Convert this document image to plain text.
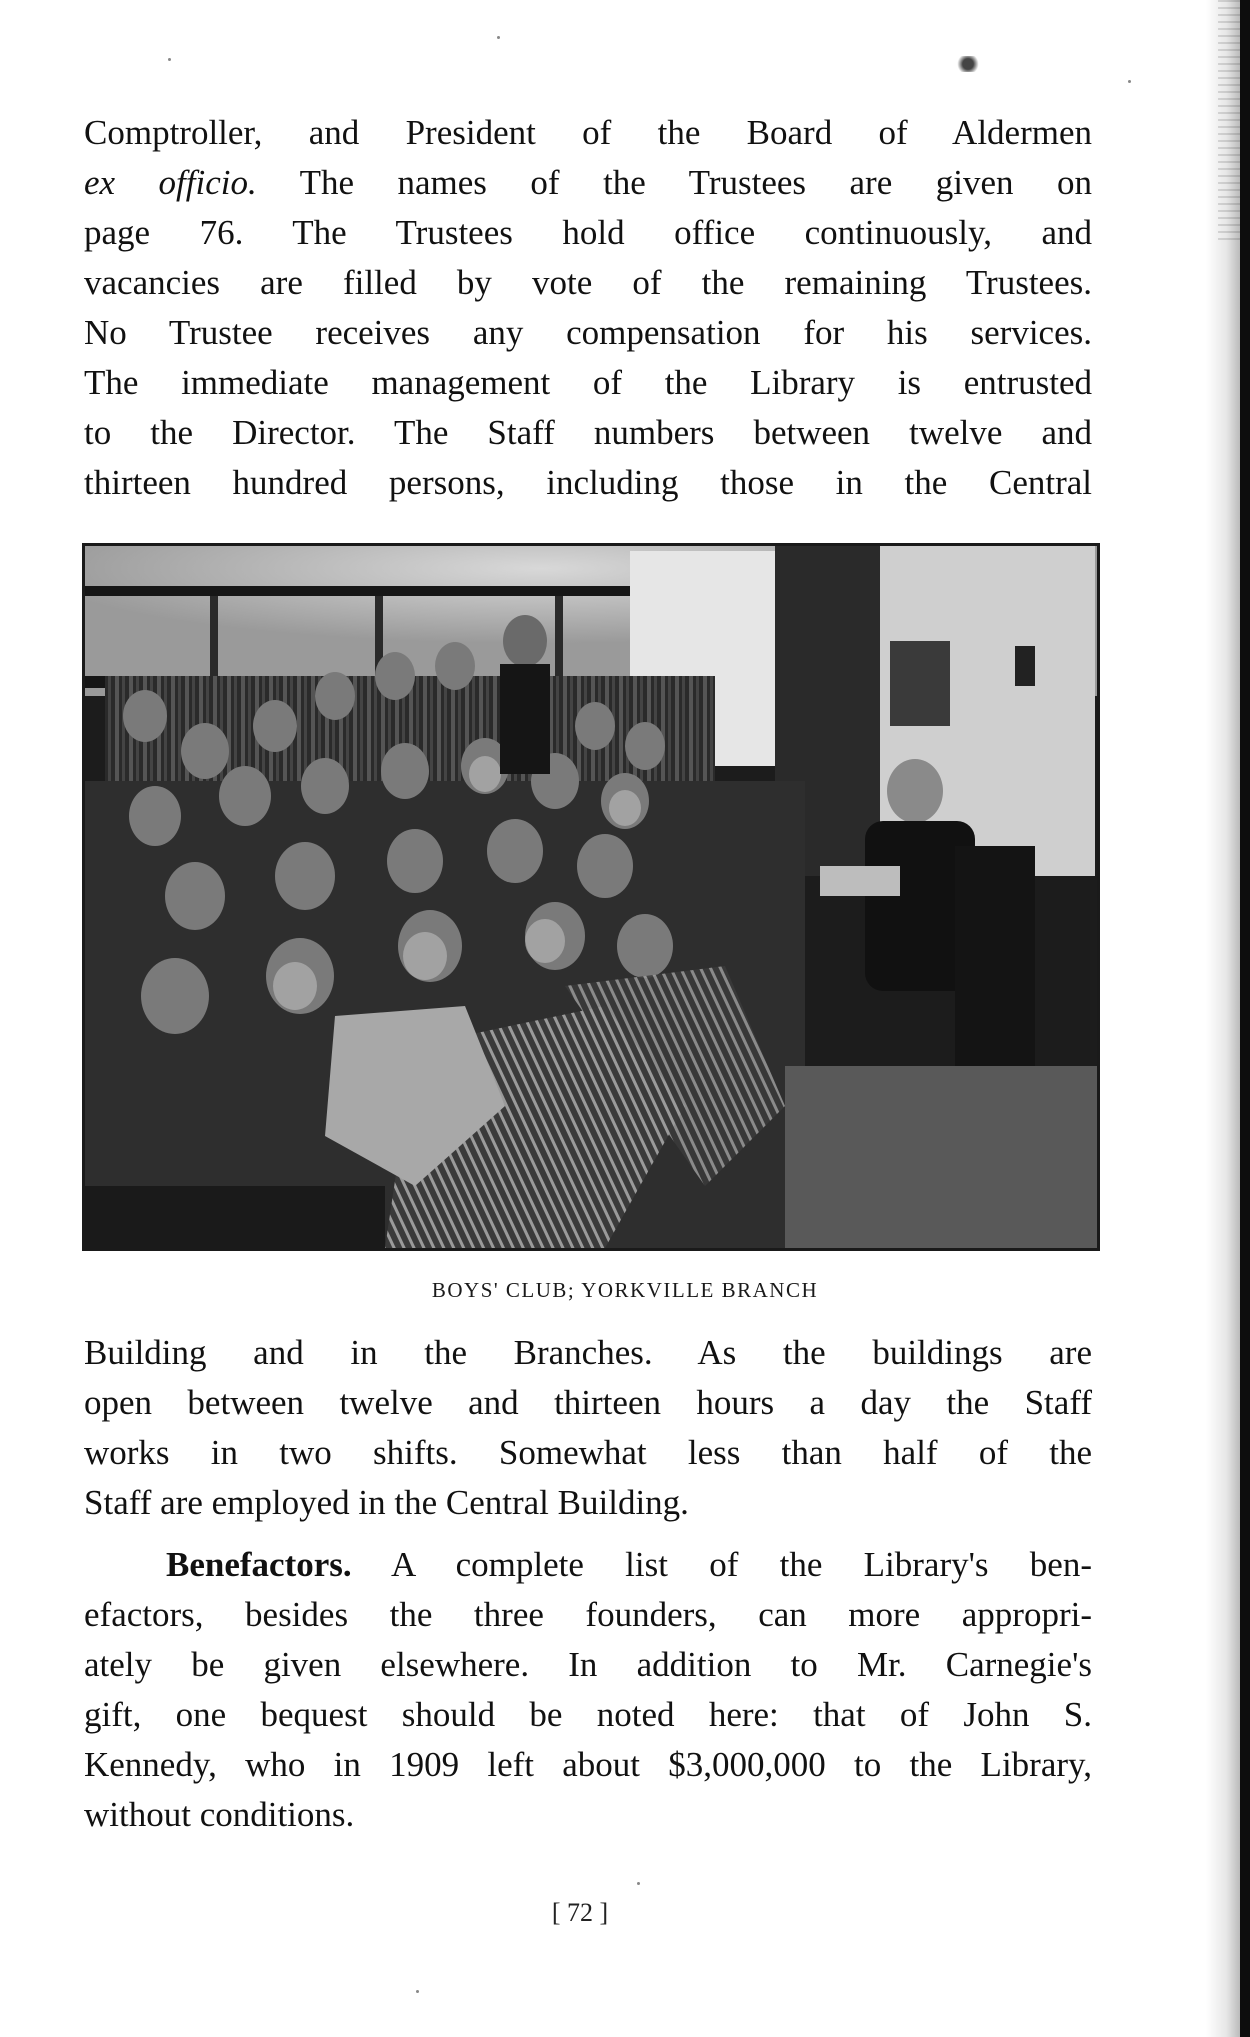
Comptroller, and President of the Board of Aldermen
ex officio. The names of the Trustees are given on
page 76. The Trustees hold office continuously, and
vacancies are filled by vote of the remaining Trustees.
No Trustee receives any compensation for his services.
The immediate management of the Library is entrusted
to the Director. The Staff numbers between twelve and
thirteen hundred persons, including those in the Central
BOYS' CLUB; YORKVILLE BRANCH
Building and in the Branches. As the buildings are
open between twelve and thirteen hours a day the Staff
works in two shifts. Somewhat less than half of the
Staff are employed in the Central Building.
Benefactors. A complete list of the Library's ben-
efactors, besides the three founders, can more appropri-
ately be given elsewhere. In addition to Mr. Carnegie's
gift, one bequest should be noted here: that of John S.
Kennedy, who in 1909 left about $3,000,000 to the Library,
without conditions.
[ 72 ]
